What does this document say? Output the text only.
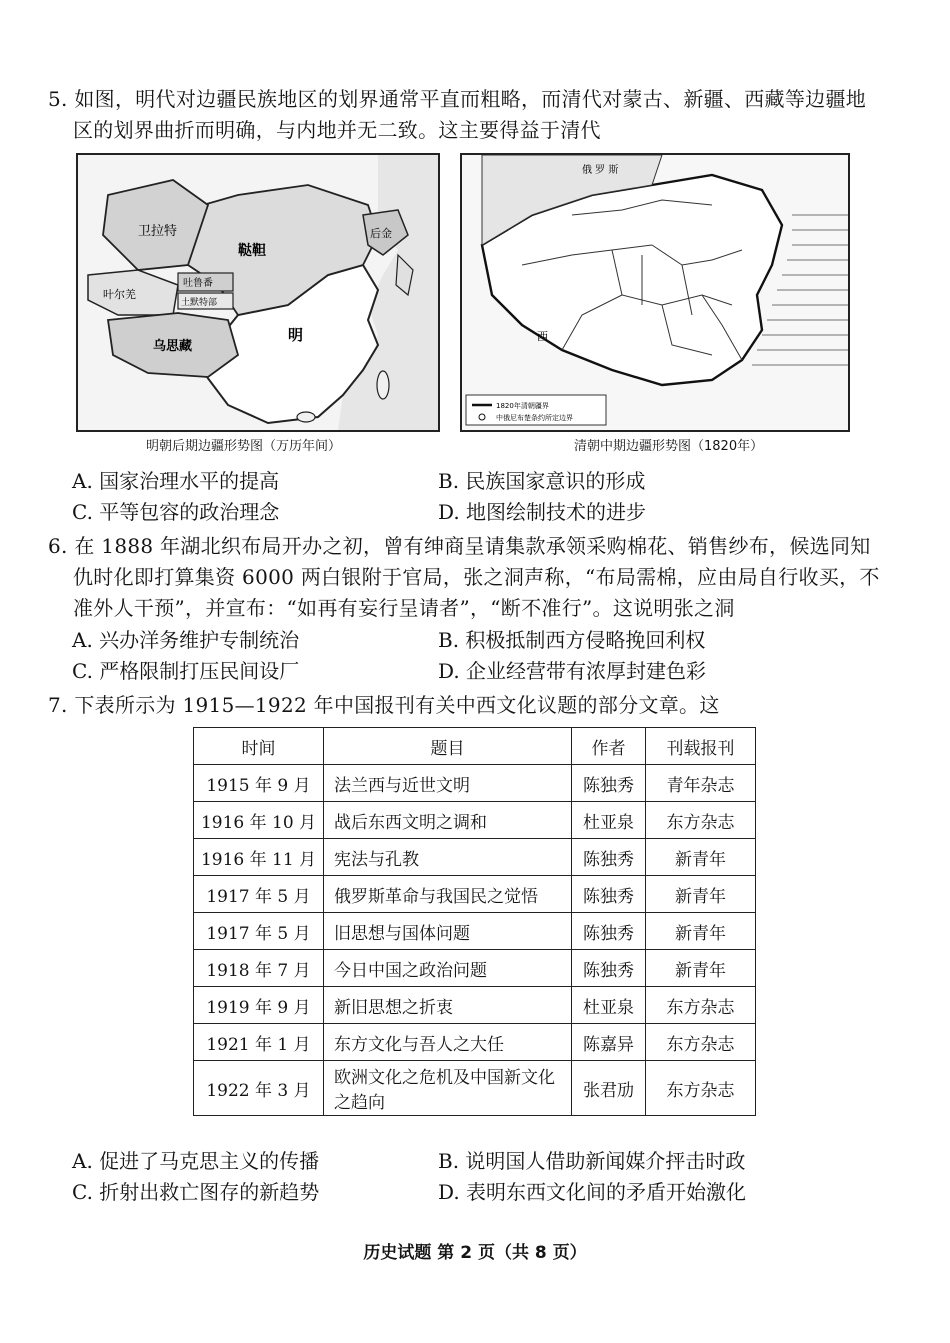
5. 如图，明代对边疆民族地区的划界通常平直而粗略，而清代对蒙古、新疆、西藏等边疆地

区的划界曲折而明确，与内地并无二致。这主要得益于清代

卫拉特
鞑靼
后金
叶尔羌
吐鲁番
土默特部
乌思藏
明
明朝后期边疆形势图（万历年间）
1820年清朝疆界
中俄尼布楚条约所定边界
俄 罗 斯
西
清朝中期边疆形势图（1820年）
A. 国家治理水平的提高	B. 民族国家意识的形成
C. 平等包容的政治理念	D. 地图绘制技术的进步

6. 在 1888 年湖北织布局开办之初，曾有绅商呈请集款承领采购棉花、销售纱布，候选同知

仇时化即打算集资 6000 两白银附于官局，张之洞声称，“布局需棉，应由局自行收买，不

准外人干预”，并宣布：“如再有妄行呈请者”，“断不准行”。这说明张之洞

A. 兴办洋务维护专制统治	B. 积极抵制西方侵略挽回利权
C. 严格限制打压民间设厂	D. 企业经营带有浓厚封建色彩

7. 下表所示为 1915—1922 年中国报刊有关中西文化议题的部分文章。这

时间	题目	作者	刊载报刊
1915 年 9 月	法兰西与近世文明	陈独秀	青年杂志
1916 年 10 月	战后东西文明之调和	杜亚泉	东方杂志
1916 年 11 月	宪法与孔教	陈独秀	新青年
1917 年 5 月	俄罗斯革命与我国民之觉悟	陈独秀	新青年
1917 年 5 月	旧思想与国体问题	陈独秀	新青年
1918 年 7 月	今日中国之政治问题	陈独秀	新青年
1919 年 9 月	新旧思想之折衷	杜亚泉	东方杂志
1921 年 1 月	东方文化与吾人之大任	陈嘉异	东方杂志
1922 年 3 月	欧洲文化之危机及中国新文化之趋向	张君劢	东方杂志
A. 促进了马克思主义的传播	B. 说明国人借助新闻媒介抨击时政
C. 折射出救亡图存的新趋势	D. 表明东西文化间的矛盾开始激化
历史试题 第 2 页（共 8 页）
